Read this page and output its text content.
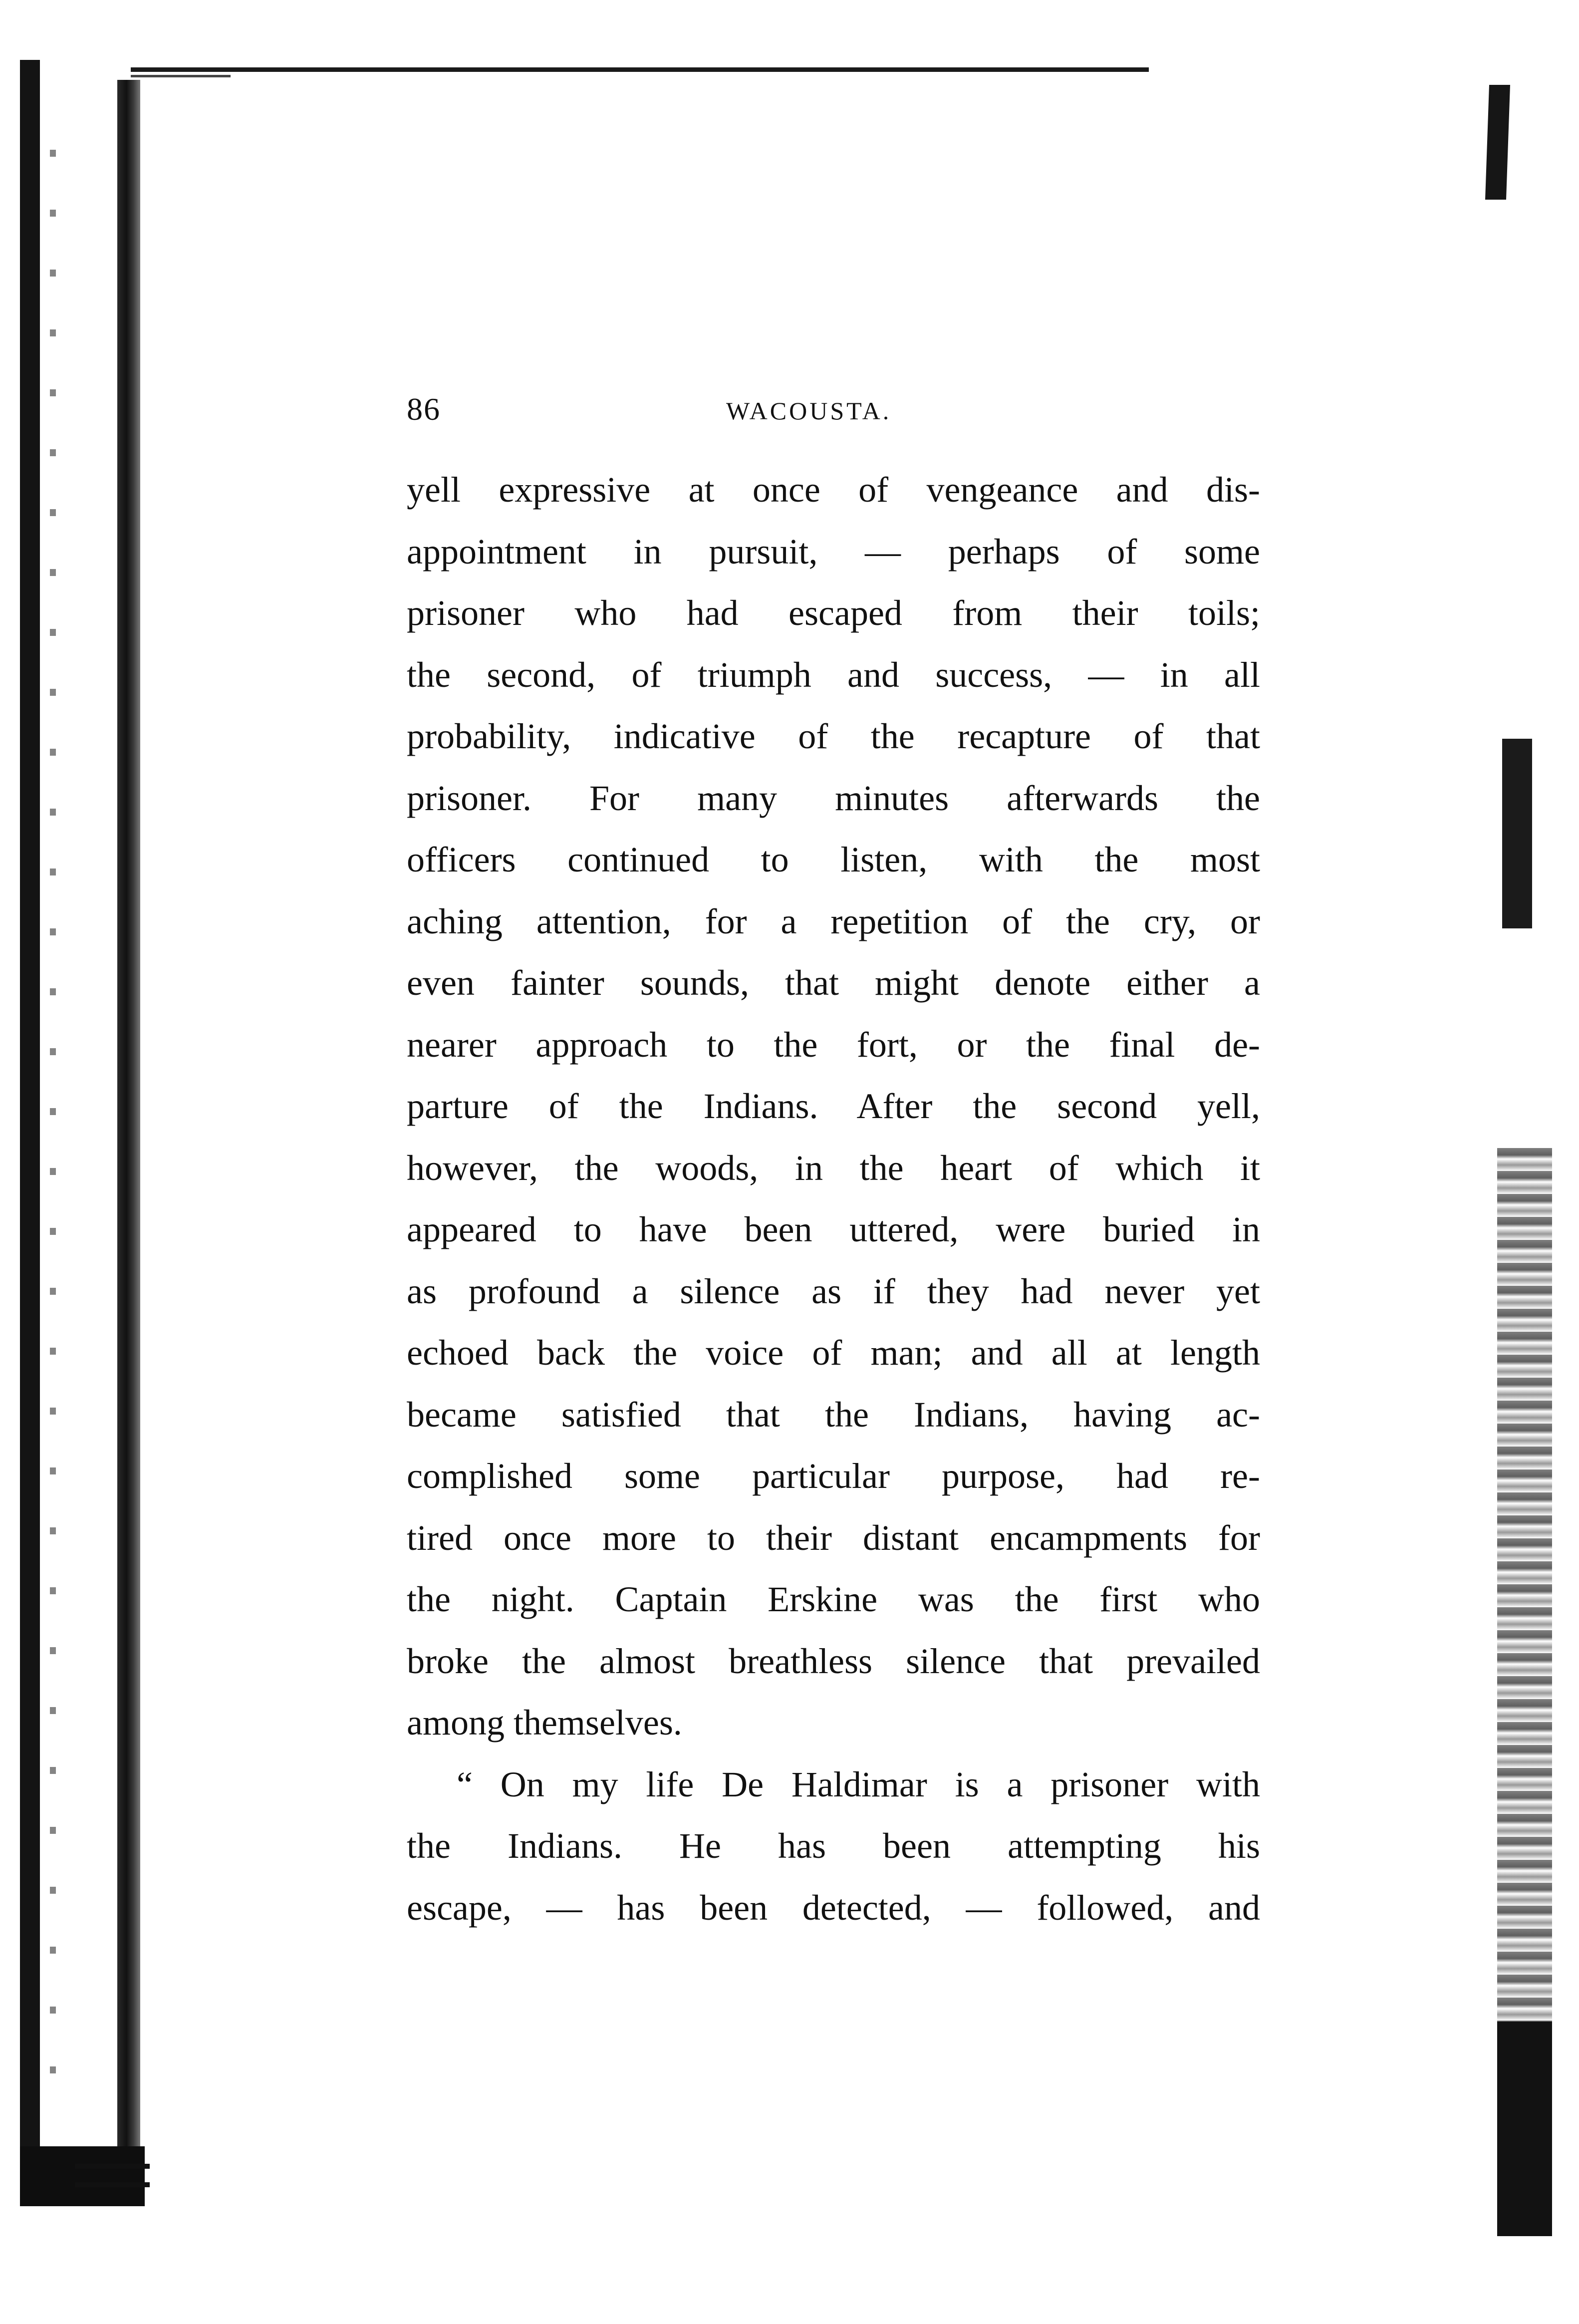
86	WACOUSTA.
yell expressive at once of vengeance and dis-
appointment in pursuit, — perhaps of some
prisoner who had escaped from their toils;
the second, of triumph and success, — in all
probability, indicative of the recapture of that
prisoner. For many minutes afterwards the
officers continued to listen, with the most
aching attention, for a repetition of the cry, or
even fainter sounds, that might denote either a
nearer approach to the fort, or the final de-
parture of the Indians. After the second yell,
however, the woods, in the heart of which it
appeared to have been uttered, were buried in
as profound a silence as if they had never yet
echoed back the voice of man; and all at length
became satisfied that the Indians, having ac-
complished some particular purpose, had re-
tired once more to their distant encampments for
the night. Captain Erskine was the first who
broke the almost breathless silence that prevailed
among themselves.
“ On my life De Haldimar is a prisoner with
the Indians. He has been attempting his
escape, — has been detected, — followed, and
